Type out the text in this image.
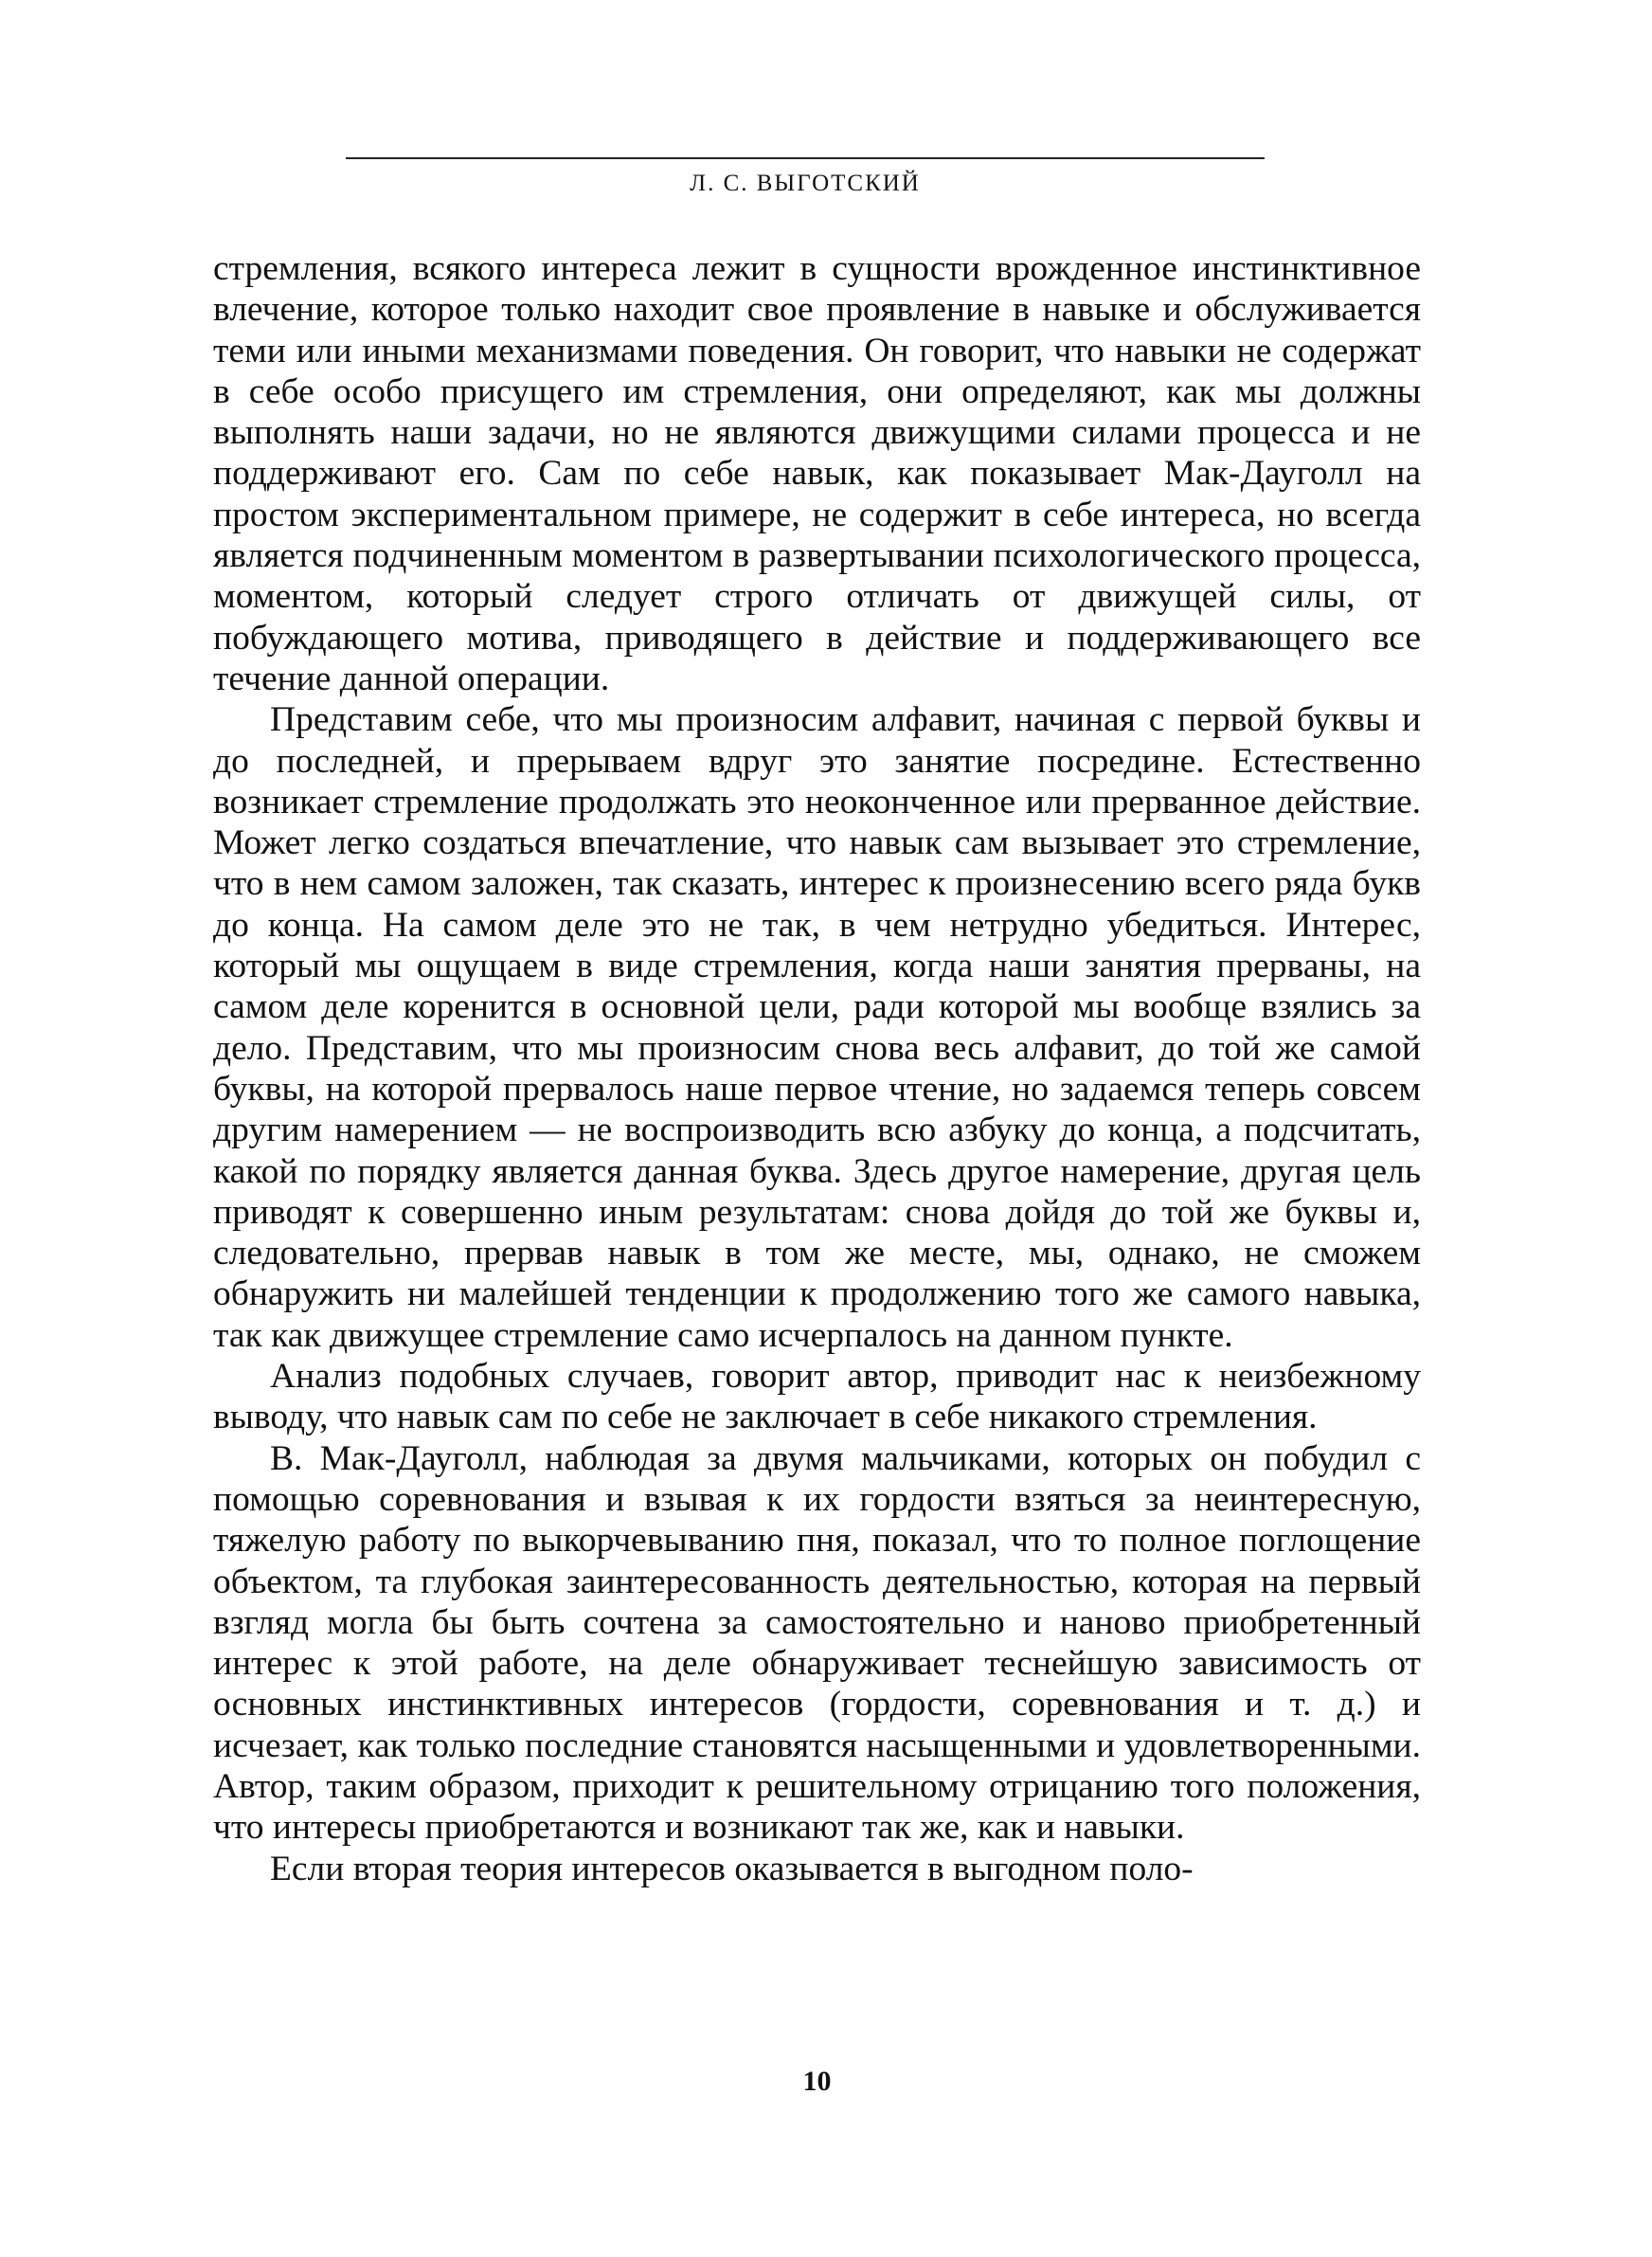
Л. С. ВЫГОТСКИЙ

стремления, всякого интереса лежит в сущности врожденное инстинктивное влечение, которое только находит свое проявление в навыке и обслуживается теми или иными механизмами поведения. Он говорит, что навыки не содержат в себе особо присущего им стремления, они определяют, как мы должны выполнять наши задачи, но не являются движущими силами процесса и не поддерживают его. Сам по себе навык, как показывает Мак-Дауголл на простом экспериментальном примере, не содержит в себе интереса, но всегда является подчиненным моментом в развертывании психологического процесса, моментом, который следует строго отличать от движущей силы, от побуждающего мотива, приводящего в действие и поддерживающего все течение данной операции.

Представим себе, что мы произносим алфавит, начиная с первой буквы и до последней, и прерываем вдруг это занятие посредине. Естественно возникает стремление продолжать это неоконченное или прерванное действие. Может легко создаться впечатление, что навык сам вызывает это стремление, что в нем самом заложен, так сказать, интерес к произнесению всего ряда букв до конца. На самом деле это не так, в чем нетрудно убедиться. Интерес, который мы ощущаем в виде стремления, когда наши занятия прерваны, на самом деле коренится в основной цели, ради которой мы вообще взялись за дело. Представим, что мы произносим снова весь алфавит, до той же самой буквы, на которой прервалось наше первое чтение, но задаемся теперь совсем другим намерением — не воспроизводить всю азбуку до конца, а подсчитать, какой по порядку является данная буква. Здесь другое намерение, другая цель приводят к совершенно иным результатам: снова дойдя до той же буквы и, следовательно, прервав навык в том же месте, мы, однако, не сможем обнаружить ни малейшей тенденции к продолжению того же самого навыка, так как движущее стремление само исчерпалось на данном пункте.

Анализ подобных случаев, говорит автор, приводит нас к неизбежному выводу, что навык сам по себе не заключает в себе никакого стремления.

В. Мак-Дауголл, наблюдая за двумя мальчиками, которых он побудил с помощью соревнования и взывая к их гордости взяться за неинтересную, тяжелую работу по выкорчевыванию пня, показал, что то полное поглощение объектом, та глубокая заинтересованность деятельностью, которая на первый взгляд могла бы быть сочтена за самостоятельно и наново приобретенный интерес к этой работе, на деле обнаруживает теснейшую зависимость от основных инстинктивных интересов (гордости, соревнования и т. д.) и исчезает, как только последние становятся насыщенными и удовлетворенными. Автор, таким образом, приходит к решительному отрицанию того положения, что интересы приобретаются и возникают так же, как и навыки.

Если вторая теория интересов оказывается в выгодном поло-

10
